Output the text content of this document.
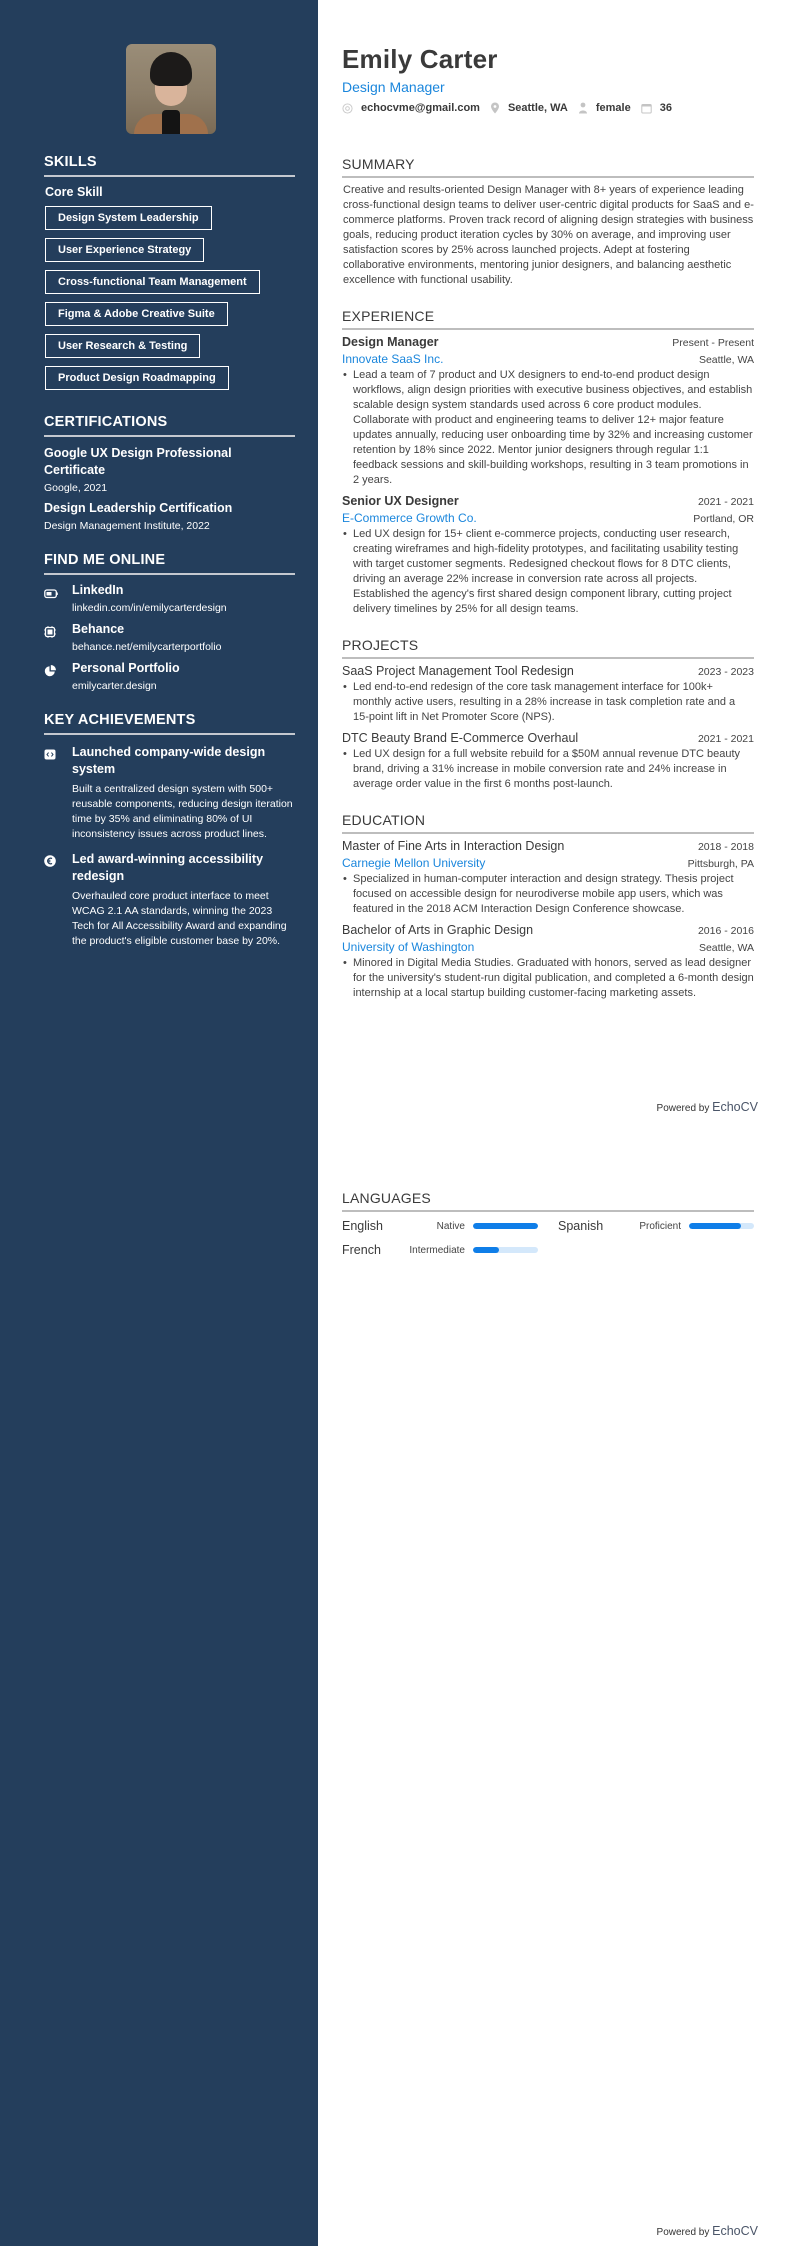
SKILLS
Core Skill
Design System Leadership
User Experience Strategy
Cross-functional Team Management
Figma & Adobe Creative Suite
User Research & Testing
Product Design Roadmapping
CERTIFICATIONS
Google UX Design Professional Certificate
Google, 2021
Design Leadership Certification
Design Management Institute, 2022
FIND ME ONLINE
LinkedIn
linkedin.com/in/emilycarterdesign
Behance
behance.net/emilycarterportfolio
Personal Portfolio
emilycarter.design
KEY ACHIEVEMENTS
Launched company-wide design system
Built a centralized design system with 500+ reusable components, reducing design iteration time by 35% and eliminating 80% of UI inconsistency issues across product lines.
Led award-winning accessibility redesign
Overhauled core product interface to meet WCAG 2.1 AA standards, winning the 2023 Tech for All Accessibility Award and expanding the product's eligible customer base by 20%.
Emily Carter
Design Manager
echocvme@gmail.com	Seattle, WA	female	36
SUMMARY

Creative and results-oriented Design Manager with 8+ years of experience leading cross-functional design teams to deliver user-centric digital products for SaaS and e-commerce platforms. Proven track record of aligning design strategies with business goals, reducing product iteration cycles by 30% on average, and improving user satisfaction scores by 25% across launched projects. Adept at fostering collaborative environments, mentoring junior designers, and balancing aesthetic excellence with functional usability.

EXPERIENCE
Design Manager	Present - Present
Innovate SaaS Inc.	Seattle, WA
• Lead a team of 7 product and UX designers to end-to-end product design workflows, align design priorities with executive business objectives, and establish scalable design system standards used across 6 core product modules. Collaborate with product and engineering teams to deliver 12+ major feature updates annually, reducing user onboarding time by 32% and increasing customer retention by 18% since 2022. Mentor junior designers through regular 1:1 feedback sessions and skill-building workshops, resulting in 3 team promotions in 2 years.
Senior UX Designer	2021 - 2021
E-Commerce Growth Co.	Portland, OR
• Led UX design for 15+ client e-commerce projects, conducting user research, creating wireframes and high-fidelity prototypes, and facilitating usability testing with target customer segments. Redesigned checkout flows for 8 DTC clients, driving an average 22% increase in conversion rate across all projects. Established the agency's first shared design component library, cutting project delivery timelines by 25% for all design teams.
PROJECTS
SaaS Project Management Tool Redesign	2023 - 2023
• Led end-to-end redesign of the core task management interface for 100k+ monthly active users, resulting in a 28% increase in task completion rate and a 15-point lift in Net Promoter Score (NPS).
DTC Beauty Brand E-Commerce Overhaul	2021 - 2021
• Led UX design for a full website rebuild for a $50M annual revenue DTC beauty brand, driving a 31% increase in mobile conversion rate and 24% increase in average order value in the first 6 months post-launch.
EDUCATION
Master of Fine Arts in Interaction Design	2018 - 2018
Carnegie Mellon University	Pittsburgh, PA
• Specialized in human-computer interaction and design strategy. Thesis project focused on accessible design for neurodiverse mobile app users, which was featured in the 2018 ACM Interaction Design Conference showcase.
Bachelor of Arts in Graphic Design	2016 - 2016
University of Washington	Seattle, WA
• Minored in Digital Media Studies. Graduated with honors, served as lead designer for the university's student-run digital publication, and completed a 6-month design internship at a local startup building customer-facing marketing assets.
Powered by EchoCV
LANGUAGES
English	Native	Spanish	Proficient
French	Intermediate
Powered by EchoCV
